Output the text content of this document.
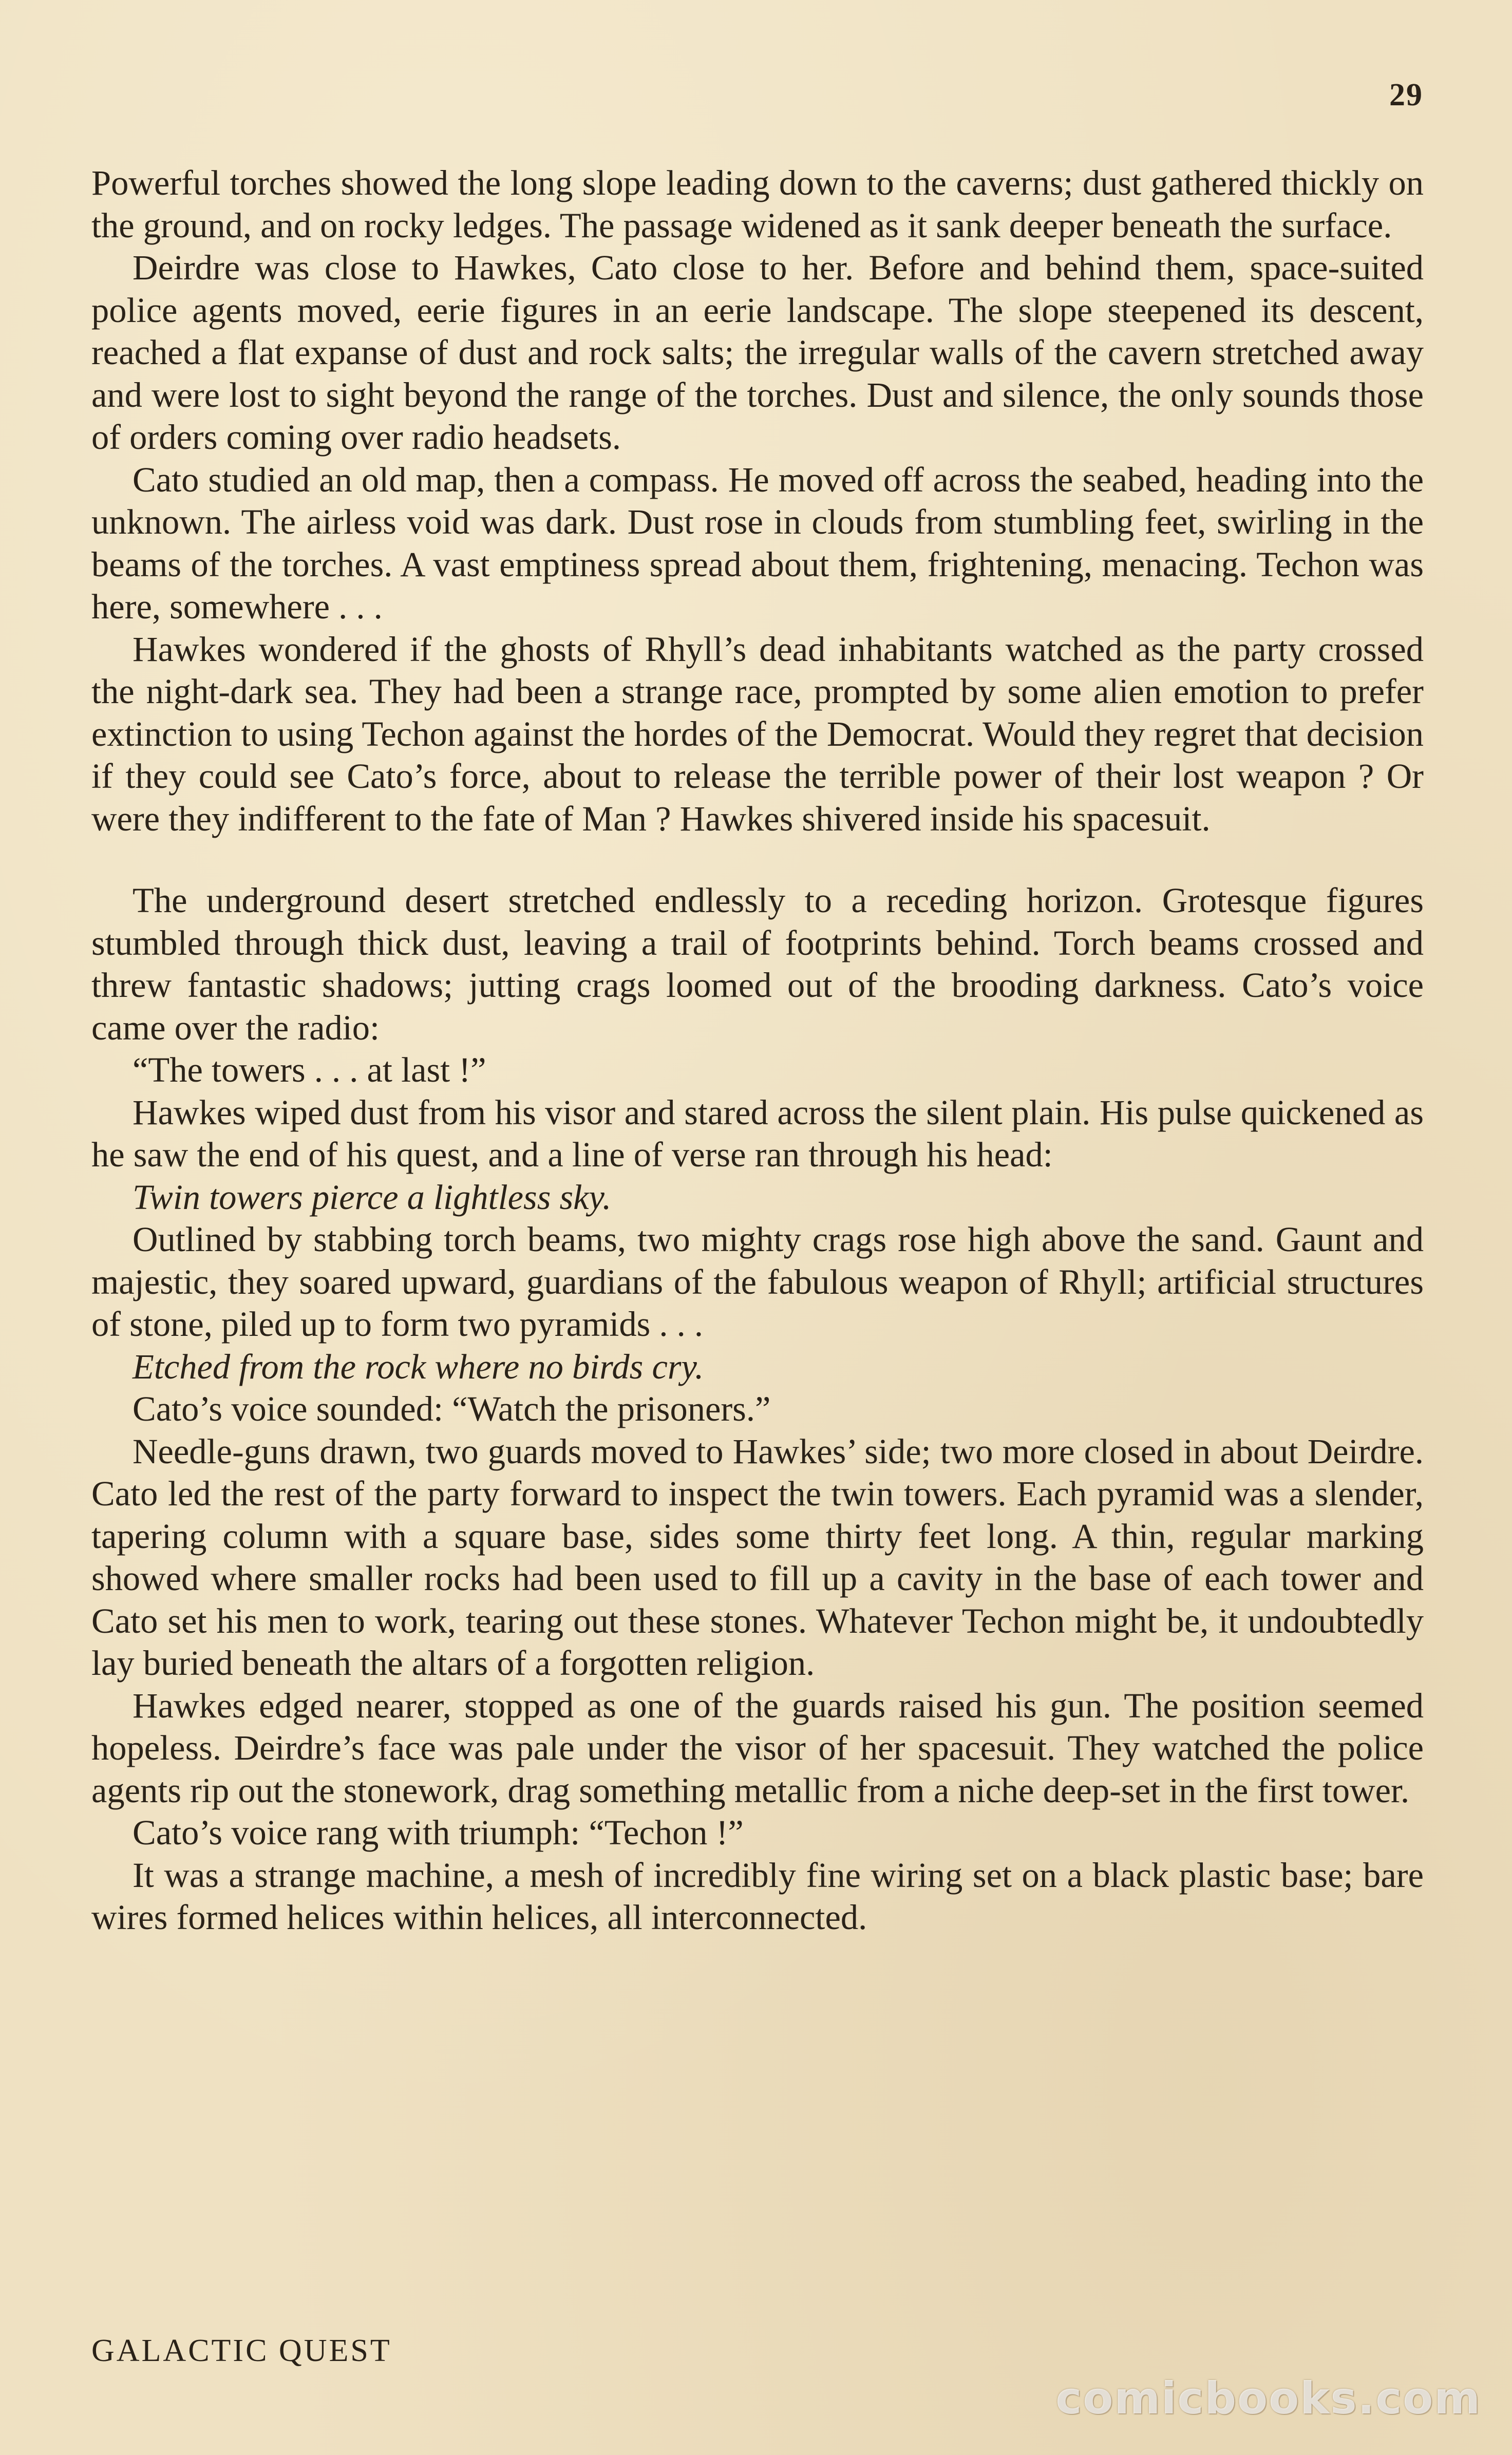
29

Powerful torches showed the long slope leading down to the caverns; dust gathered thickly on the ground, and on rocky ledges. The passage widened as it sank deeper beneath the surface.

Deirdre was close to Hawkes, Cato close to her. Before and behind them, space-suited police agents moved, eerie figures in an eerie landscape. The slope steepened its descent, reached a flat expanse of dust and rock salts; the irregular walls of the cavern stretched away and were lost to sight beyond the range of the torches. Dust and silence, the only sounds those of orders coming over radio headsets.

Cato studied an old map, then a compass. He moved off across the seabed, heading into the unknown. The airless void was dark. Dust rose in clouds from stumbling feet, swirling in the beams of the torches. A vast emptiness spread about them, frightening, menacing. Techon was here, somewhere . . .

Hawkes wondered if the ghosts of Rhyll’s dead inhabitants watched as the party crossed the night-dark sea. They had been a strange race, prompted by some alien emotion to prefer extinction to using Techon against the hordes of the Democrat. Would they regret that decision if they could see Cato’s force, about to release the terrible power of their lost weapon ? Or were they indifferent to the fate of Man ? Hawkes shivered inside his spacesuit.

The underground desert stretched endlessly to a receding horizon. Grotesque figures stumbled through thick dust, leaving a trail of footprints behind. Torch beams crossed and threw fantastic shadows; jutting crags loomed out of the brooding darkness. Cato’s voice came over the radio:

“The towers . . . at last !”

Hawkes wiped dust from his visor and stared across the silent plain. His pulse quickened as he saw the end of his quest, and a line of verse ran through his head:

Twin towers pierce a lightless sky.

Outlined by stabbing torch beams, two mighty crags rose high above the sand. Gaunt and majestic, they soared upward, guardians of the fabulous weapon of Rhyll; artificial structures of stone, piled up to form two pyramids . . .

Etched from the rock where no birds cry.

Cato’s voice sounded: “Watch the prisoners.”

Needle-guns drawn, two guards moved to Hawkes’ side; two more closed in about Deirdre. Cato led the rest of the party forward to inspect the twin towers. Each pyramid was a slender, tapering column with a square base, sides some thirty feet long. A thin, regular marking showed where smaller rocks had been used to fill up a cavity in the base of each tower and Cato set his men to work, tearing out these stones. Whatever Techon might be, it undoubtedly lay buried beneath the altars of a forgotten religion.

Hawkes edged nearer, stopped as one of the guards raised his gun. The position seemed hopeless. Deirdre’s face was pale under the visor of her spacesuit. They watched the police agents rip out the stonework, drag something metallic from a niche deep-set in the first tower.

Cato’s voice rang with triumph: “Techon !”

It was a strange machine, a mesh of incredibly fine wiring set on a black plastic base; bare wires formed helices within helices, all interconnected.

GALACTIC QUEST
comicbooks.com
